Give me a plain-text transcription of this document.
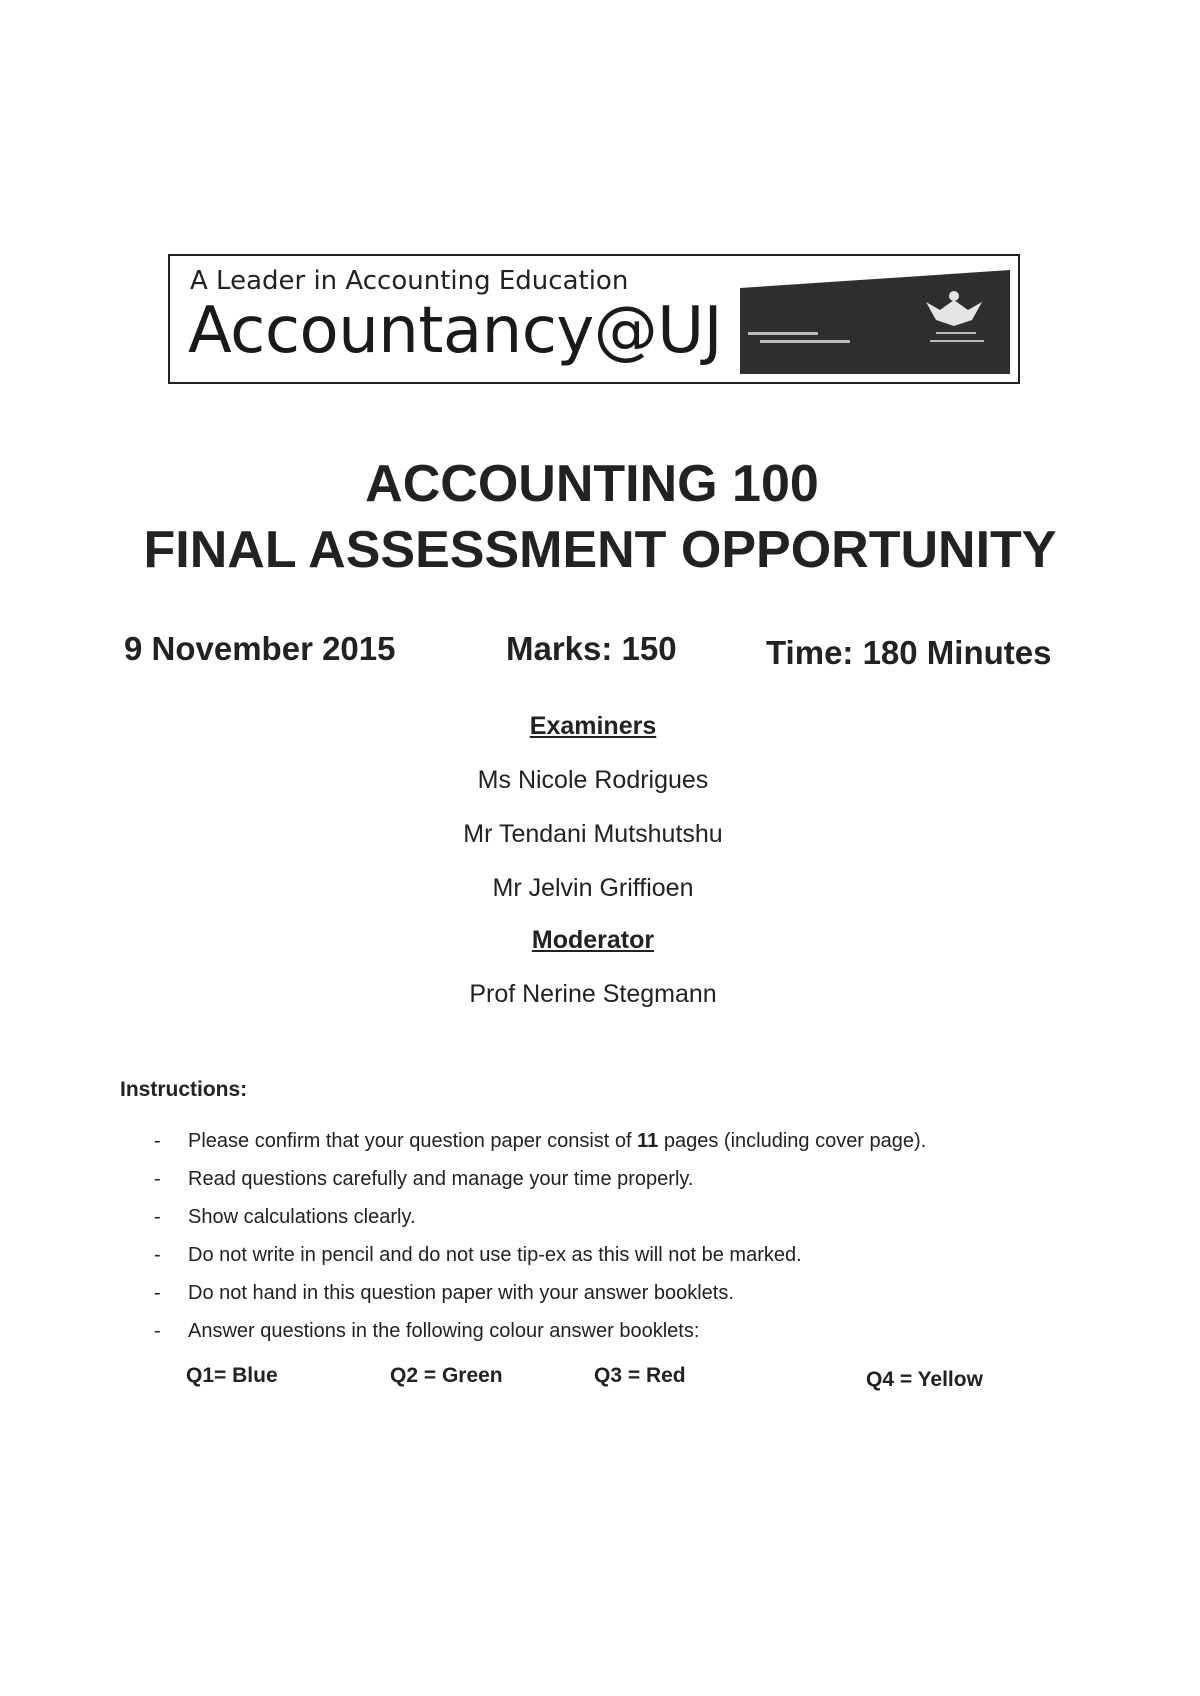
A Leader in Accounting Education
Accountancy@UJ
ACCOUNTING 100
FINAL ASSESSMENT OPPORTUNITY
9 November 2015	Marks: 150	Time: 180 Minutes
Examiners
Ms Nicole Rodrigues
Mr Tendani Mutshutshu
Mr Jelvin Griffioen
Moderator
Prof Nerine Stegmann
Instructions:
- Please confirm that your question paper consist of 11 pages (including cover page).
- Read questions carefully and manage your time properly.
- Show calculations clearly.
- Do not write in pencil and do not use tip-ex as this will not be marked.
- Do not hand in this question paper with your answer booklets.
- Answer questions in the following colour answer booklets:
Q1= Blue	Q2 = Green	Q3 = Red	Q4 = Yellow
